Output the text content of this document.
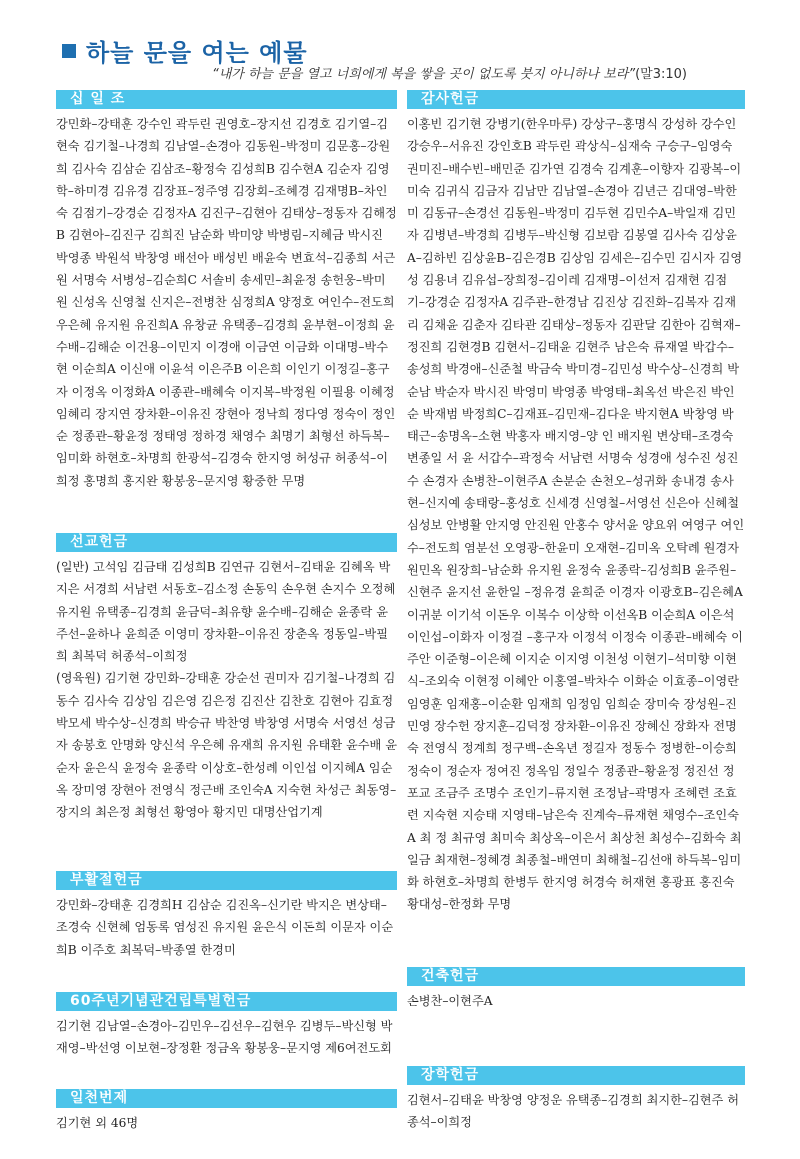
하늘 문을 여는 예물
“내가 하늘 문을 열고 너희에게 복을 쌓을 곳이 없도록 붓지 아니하나 보라”(말3:10)
십 일 조
강민화–강태훈 강수인 곽두린 권영호–장지선 김경호 김기열–김현숙 김기철–나경희 김남열–손경아 김동원–박정미 김문홍–강원희 김사숙 김삼순 김삼조–황정숙 김성희B 김수현A 김순자 김영학–하미경 김유경 김장표–정주영 김장회–조혜경 김재명B–차인숙 김점기–강경순 김정자A 김진구–김현아 김태상–정동자 김해정B 김현아–김진구 김희진 남순화 박미양 박병림–지혜금 박시진 박영종 박원석 박창영 배선아 배성빈 배윤숙 변효석–김종희 서근원 서명숙 서병성–김순희C 서솔비 송세민–최윤정 송헌웅–박미원 신성옥 신영철 신지은–전병찬 심정희A 양정호 여인수–전도희 우은혜 유지원 유진희A 유창균 유택종–김경희 윤부현–이정희 윤수배–김해순 이건용–이민지 이경애 이금연 이금화 이대명–박수현 이순희A 이신애 이윤석 이은주B 이은희 이인기 이정길–홍구자 이정옥 이정화A 이종관–배혜숙 이지복–박정원 이필용 이혜정 임혜리 장지연 장차환–이유진 장현아 정낙희 정다영 정숙이 정인순 정종관–황윤정 정태영 정하경 채영수 최명기 최형선 하득복–임미화 하현호–차명희 한광석–김경숙 한지영 허성규 허종석–이희정 홍명희 홍지완 황봉웅–문지영 황중한 무명
선교헌금

(일반) 고석임 김금태 김성희B 김연규 김현서–김태윤 김혜옥 박지은 서경희 서남련 서동호–김소정 손동익 손우현 손지수 오정혜 유지원 유택종–김경희 윤금덕–최유향 윤수배–김해순 윤종락 윤주선–윤하나 윤희준 이영미 장차환–이유진 장춘옥 정동일–박필희 최복덕 허종석–이희정

(영육원) 김기현 강민화–강태훈 강순선 권미자 김기철–나경희 김동수 김사숙 김상임 김은영 김은정 김진산 김찬호 김현아 김효정 박모세 박수상–신경희 박승규 박찬영 박창영 서명숙 서영선 성금자 송봉호 안명화 양신석 우은혜 유재희 유지원 유태환 윤수배 윤순자 윤은식 윤정숙 윤종락 이상호–한성례 이인섭 이지혜A 임순옥 장미영 장현아 전영식 정근배 조인숙A 지숙현 차성근 최동영–장지의 최은정 최형선 황영아 황지민 대명산업기계

부활절헌금
강민화–강태훈 김경희H 김삼순 김진옥–신기란 박지은 변상태–조경숙 신현혜 엄동록 염성진 유지원 윤은식 이돈희 이문자 이순희B 이주호 최복덕–박종열 한경미
60주년기념관건립특별헌금
김기현 김남열–손경아–김민우–김선우–김현우 김병두–박신형 박재영–박선영 이보현–장정환 정금옥 황봉웅–문지영 제6여전도회
일천번제
김기현 외 46명
감사헌금
이홍빈 김기현 강병기(한우마루) 강상구–홍명식 강성하 강수인 강승우–서유진 강인호B 곽두린 곽상식–심재숙 구승구–임영숙 권미진–배수빈–배민준 김가연 김경숙 김계훈–이향자 김광복–이미숙 김귀식 김금자 김남만 김남열–손경아 김년근 김대영–박한미 김동규–손경선 김동원–박정미 김두현 김민수A–박일재 김민자 김병년–박경희 김병두–박신형 김보람 김봉열 김사숙 김상윤A–김하빈 김상윤B–김은경B 김상임 김세은–김수민 김시자 김영성 김용녀 김유섭–장희정–김이레 김재명–이선저 김재현 김점기–강경순 김정자A 김주관–한경남 김진상 김진화–김복자 김재리 김채윤 김춘자 김타관 김태상–정동자 김판달 김한아 김혁재–정진희 김현경B 김현서–김태윤 김현주 남은숙 류재열 박갑수–송성희 박경애–신준철 박금숙 박미경–김민성 박수상–신경희 박순남 박순자 박시진 박영미 박영종 박영태–최옥선 박은진 박인순 박재범 박정희C–김재표–김민재–김다운 박지현A 박창영 박태근–송명옥–소현 박홍자 배지영–양 인 배지원 변상태–조경숙 변종일 서 윤 서갑수–곽정숙 서남련 서명숙 성경애 성수진 성진수 손경자 손병찬–이현주A 손분순 손천오–성귀화 송내경 송사현–신지예 송태랑–홍성호 신세경 신영철–서영선 신은아 신혜철 심성보 안병활 안지영 안진원 안홍수 양서윤 양요위 여영구 여인수–전도희 염분선 오영광–한윤미 오재현–김미옥 오탁례 원경자 원민옥 원장희–남순화 유지원 윤정숙 윤종락–김성희B 윤주원–신현주 윤지선 윤한일 –정유경 윤희준 이경자 이광호B–김은혜A 이귀분 이기석 이돈우 이복수 이상학 이선옥B 이순희A 이은석 이인섭–이화자 이정걸 –홍구자 이정석 이정숙 이종관–배혜숙 이주안 이준형–이은혜 이지순 이지영 이천성 이현기–석미향 이현식–조외숙 이현정 이혜안 이홍열–박차수 이화순 이효종–이영란 임영훈 임재홍–이순환 임재희 임정임 임희순 장미숙 장성원–진민영 장수헌 장지훈–김덕정 장차환–이유진 장혜신 장화자 전명숙 전영식 정계희 정구백–손옥년 정길자 정동수 정병한–이승희 정숙이 정순자 정여진 정옥임 정일수 정종관–황윤정 정진선 정포교 조금주 조명수 조인기–류지현 조정남–곽명자 조혜련 조효련 지숙현 지승태 지영태–남은숙 진계숙–류재현 채영수–조인숙A 최 정 최규영 최미숙 최상옥–이은서 최상천 최성수–김화숙 최일금 최재현–정혜경 최종철–배연미 최해철–김선애 하득복–임미화 하현호–차명희 한병두 한지영 허경숙 허재현 홍광표 홍진숙 황대성–한정화 무명
건축헌금
손병찬–이현주A
장학헌금
김현서–김태윤 박창영 양정운 유택종–김경희 최지한–김현주 허종석–이희정
